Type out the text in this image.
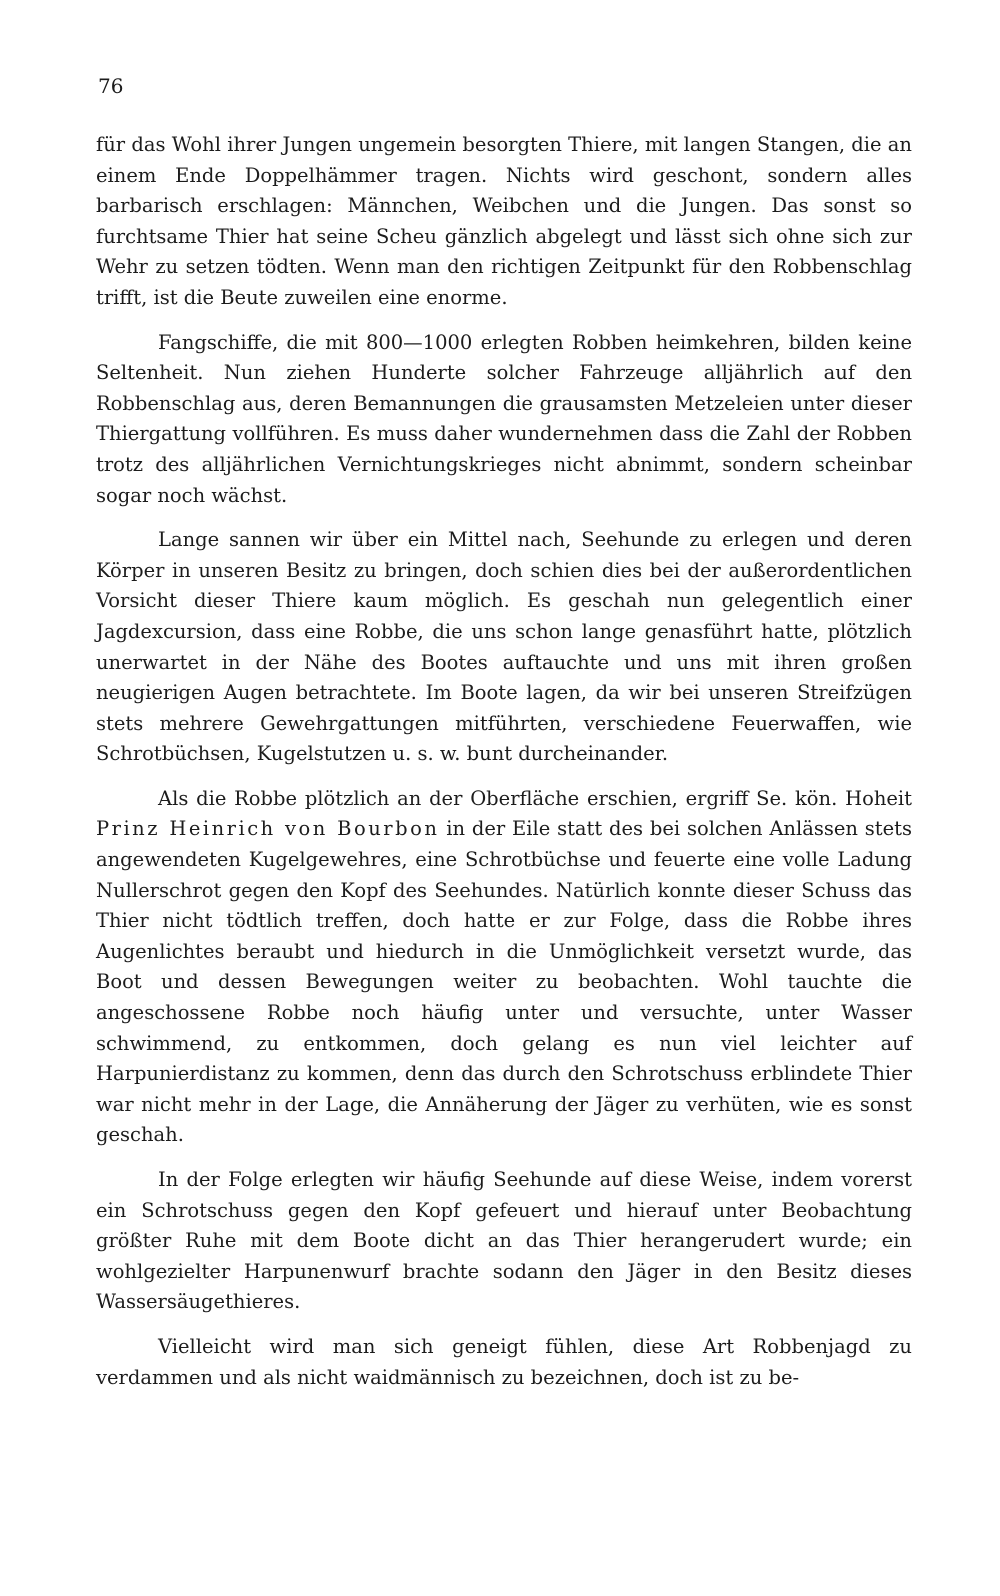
76

für das Wohl ihrer Jungen ungemein besorgten Thiere, mit langen Stangen, die an einem Ende Doppelhämmer tragen. Nichts wird geschont, sondern alles barbarisch erschlagen: Männchen, Weibchen und die Jungen. Das sonst so furchtsame Thier hat seine Scheu gänzlich abgelegt und lässt sich ohne sich zur Wehr zu setzen tödten. Wenn man den richtigen Zeitpunkt für den Robbenschlag trifft, ist die Beute zuweilen eine enorme.

Fangschiffe, die mit 800—1000 erlegten Robben heimkehren, bilden keine Seltenheit. Nun ziehen Hunderte solcher Fahrzeuge alljährlich auf den Robbenschlag aus, deren Bemannungen die grausamsten Metzeleien unter dieser Thiergattung vollführen. Es muss daher wundernehmen dass die Zahl der Robben trotz des alljährlichen Vernichtungskrieges nicht abnimmt, sondern scheinbar sogar noch wächst.

Lange sannen wir über ein Mittel nach, Seehunde zu erlegen und deren Körper in unseren Besitz zu bringen, doch schien dies bei der außerordentlichen Vorsicht dieser Thiere kaum möglich. Es geschah nun gelegentlich einer Jagdexcursion, dass eine Robbe, die uns schon lange genasführt hatte, plötzlich unerwartet in der Nähe des Bootes auftauchte und uns mit ihren großen neugierigen Augen betrachtete. Im Boote lagen, da wir bei unseren Streifzügen stets mehrere Gewehrgattungen mitführten, verschiedene Feuerwaffen, wie Schrotbüchsen, Kugelstutzen u. s. w. bunt durcheinander.

Als die Robbe plötzlich an der Oberfläche erschien, ergriff Se. kön. Hoheit Prinz Heinrich von Bourbon in der Eile statt des bei solchen Anlässen stets angewendeten Kugelgewehres, eine Schrotbüchse und feuerte eine volle Ladung Nullerschrot gegen den Kopf des Seehundes. Natürlich konnte dieser Schuss das Thier nicht tödtlich treffen, doch hatte er zur Folge, dass die Robbe ihres Augenlichtes beraubt und hiedurch in die Unmöglichkeit versetzt wurde, das Boot und dessen Bewegungen weiter zu beobachten. Wohl tauchte die angeschossene Robbe noch häufig unter und versuchte, unter Wasser schwimmend, zu entkommen, doch gelang es nun viel leichter auf Harpunierdistanz zu kommen, denn das durch den Schrotschuss erblindete Thier war nicht mehr in der Lage, die Annäherung der Jäger zu verhüten, wie es sonst geschah.

In der Folge erlegten wir häufig Seehunde auf diese Weise, indem vorerst ein Schrotschuss gegen den Kopf gefeuert und hierauf unter Beobachtung größter Ruhe mit dem Boote dicht an das Thier herangerudert wurde; ein wohlgezielter Harpunenwurf brachte sodann den Jäger in den Besitz dieses Wassersäugethieres.

Vielleicht wird man sich geneigt fühlen, diese Art Robbenjagd zu verdammen und als nicht waidmännisch zu bezeichnen, doch ist zu be-
